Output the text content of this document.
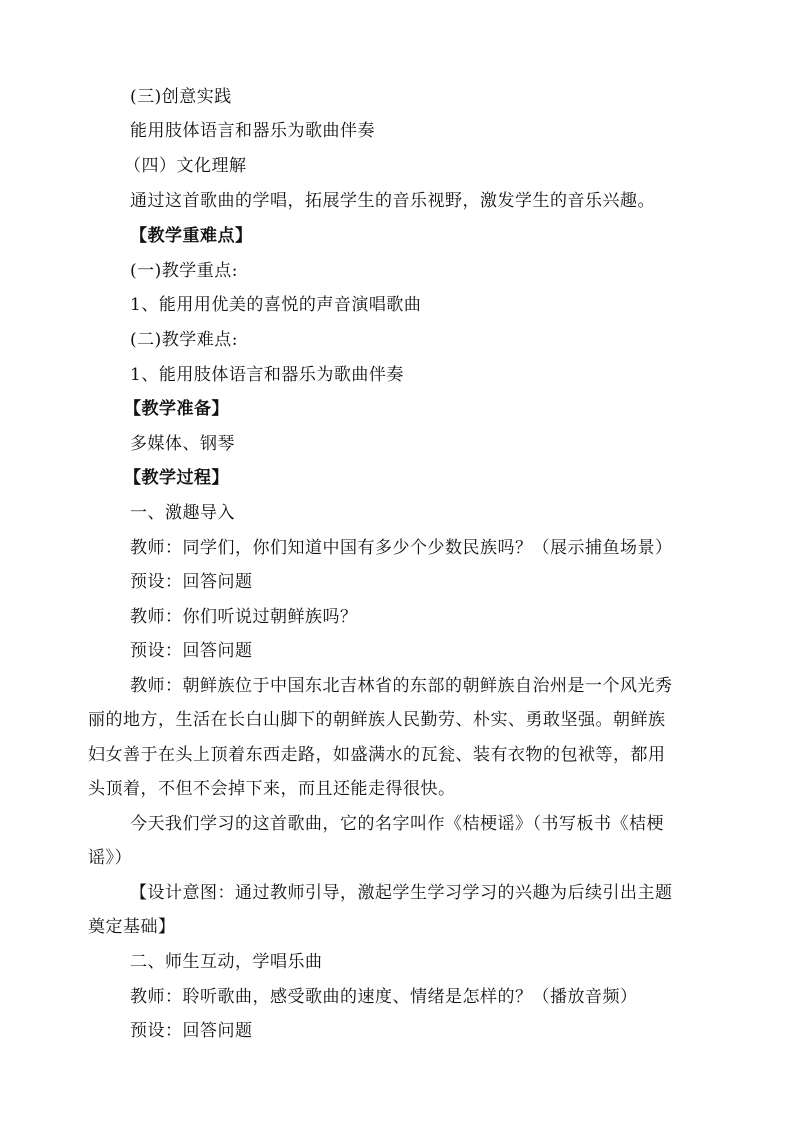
(三)创意实践
能用肢体语言和器乐为歌曲伴奏
（四）文化理解
通过这首歌曲的学唱，拓展学生的音乐视野，激发学生的音乐兴趣。
【教学重难点】
(一)教学重点:
1、能用用优美的喜悦的声音演唱歌曲
(二)教学难点:
1、能用肢体语言和器乐为歌曲伴奏
【教学准备】
多媒体、钢琴
【教学过程】
一、激趣导入
教师：同学们，你们知道中国有多少个少数民族吗？（展示捕鱼场景）
预设：回答问题
教师：你们听说过朝鲜族吗？
预设：回答问题
教师：朝鲜族位于中国东北吉林省的东部的朝鲜族自治州是一个风光秀
丽的地方，生活在长白山脚下的朝鲜族人民勤劳、朴实、勇敢坚强。朝鲜族
妇女善于在头上顶着东西走路，如盛满水的瓦瓮、装有衣物的包袱等，都用
头顶着，不但不会掉下来，而且还能走得很快。
今天我们学习的这首歌曲，它的名字叫作《桔梗谣》（书写板书《桔梗
谣》）
【设计意图：通过教师引导，激起学生学习学习的兴趣为后续引出主题
奠定基础】
二、师生互动，学唱乐曲
教师：聆听歌曲，感受歌曲的速度、情绪是怎样的？（播放音频）
预设：回答问题
